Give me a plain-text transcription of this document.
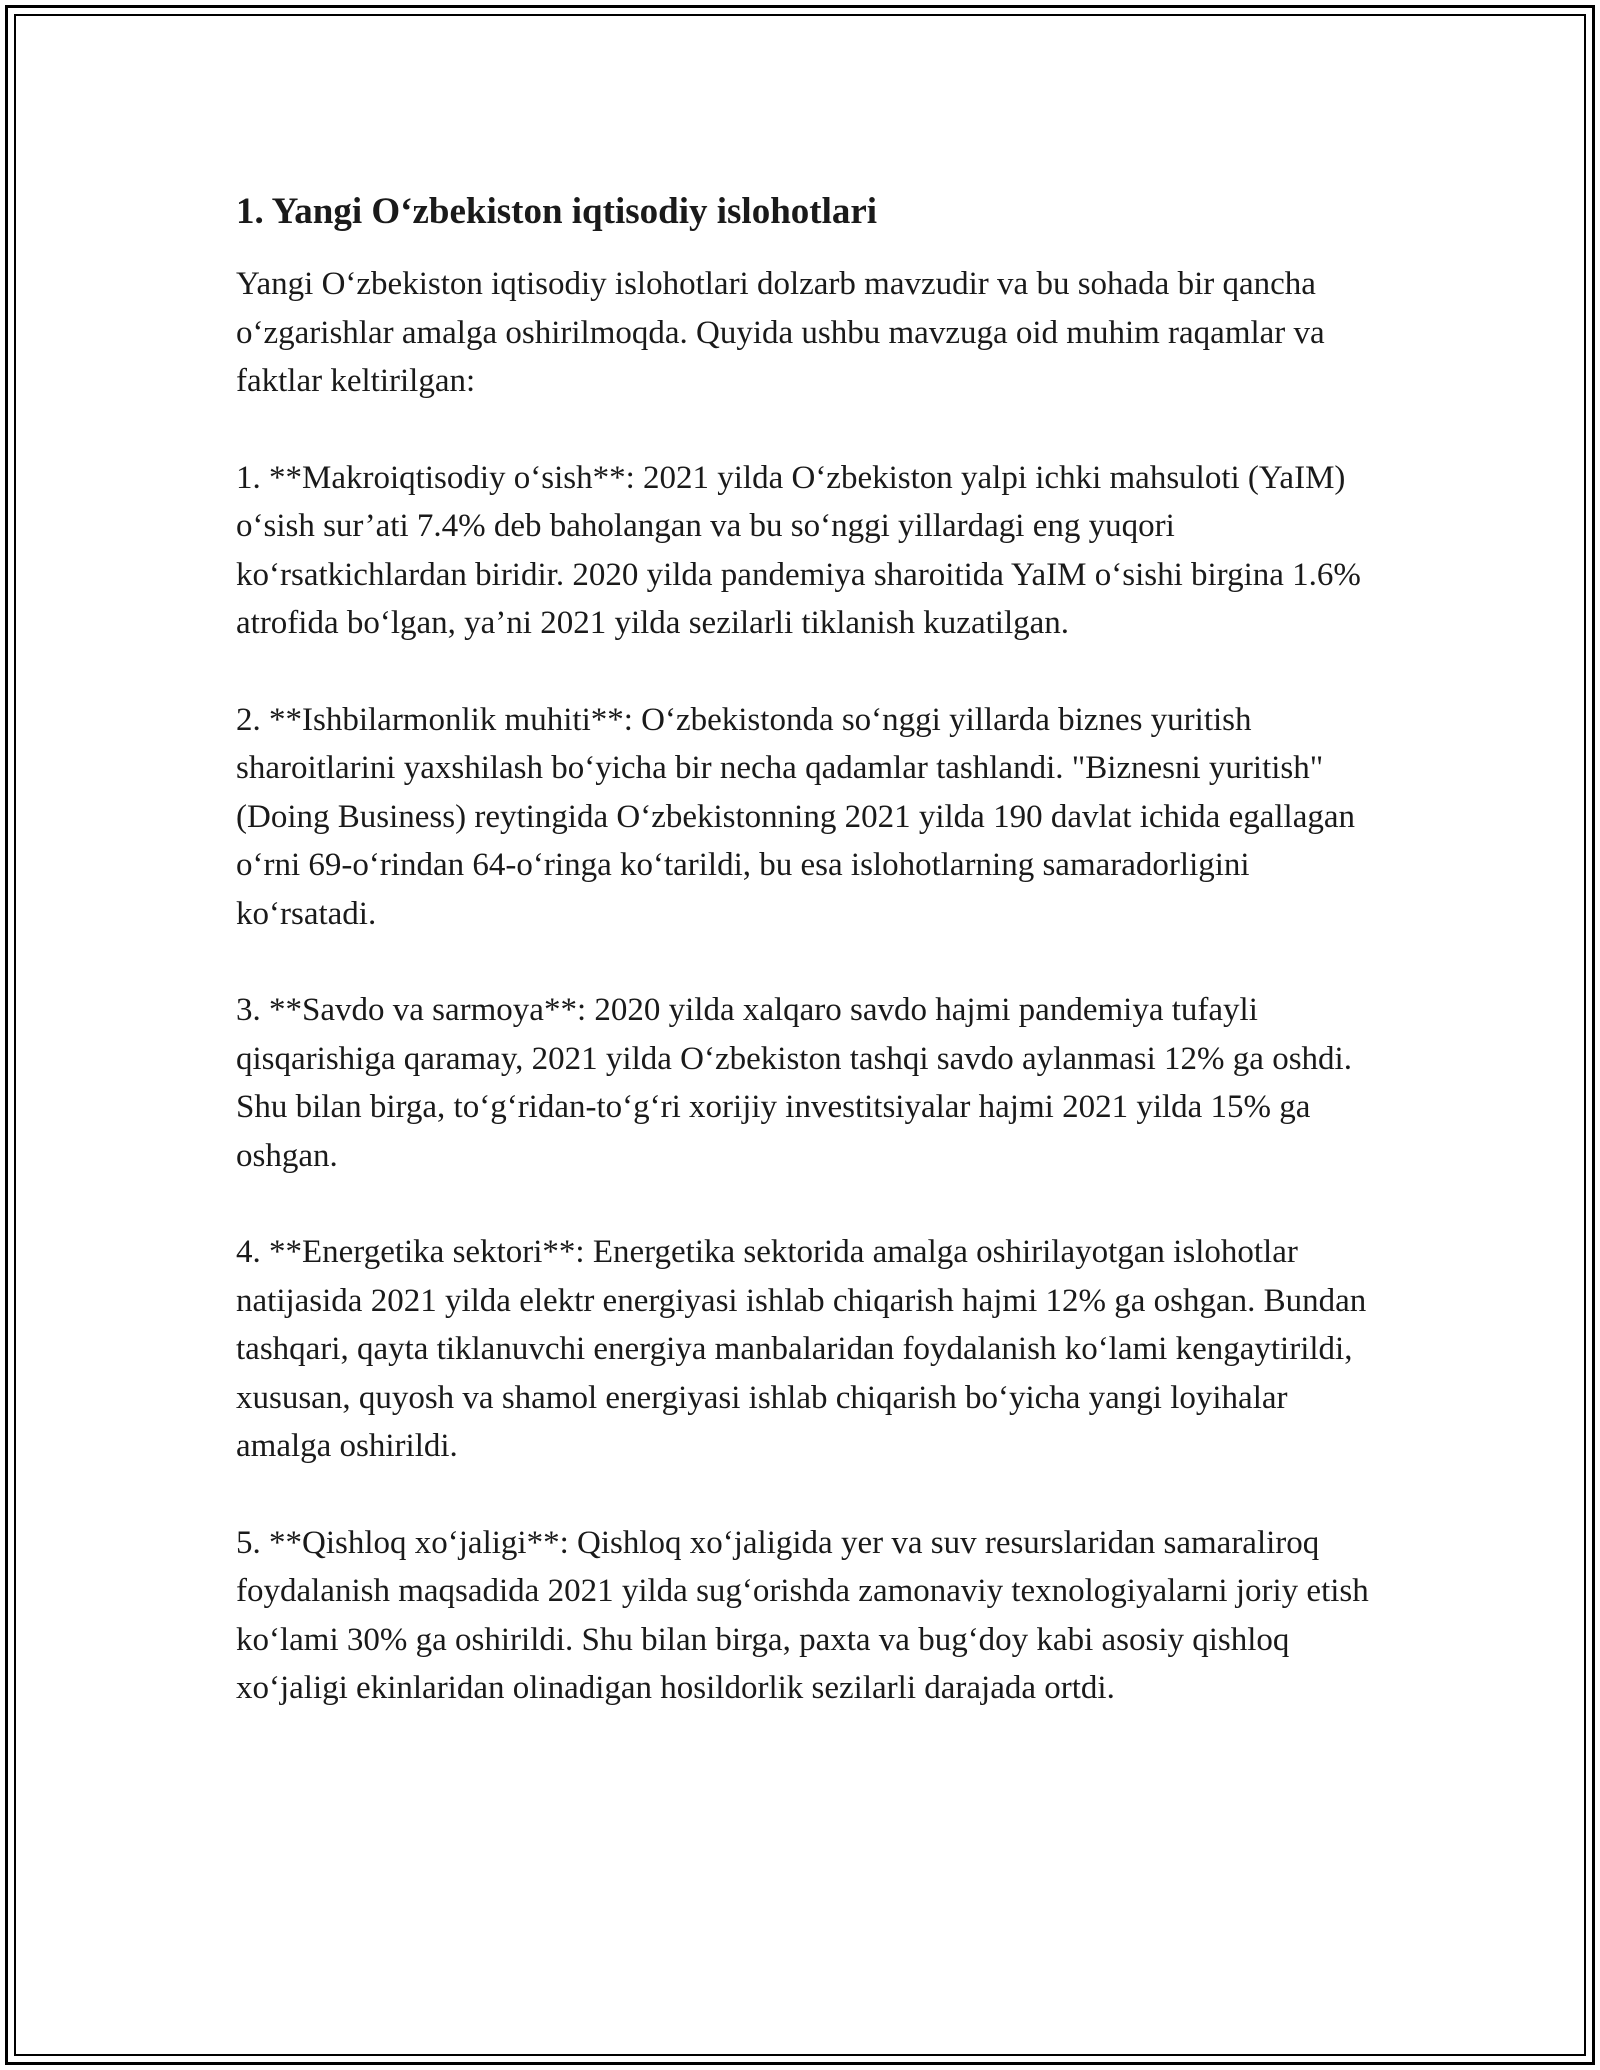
1. Yangi O‘zbekiston iqtisodiy islohotlari

Yangi O‘zbekiston iqtisodiy islohotlari dolzarb mavzudir va bu sohada bir qancha o‘zgarishlar amalga oshirilmoqda. Quyida ushbu mavzuga oid muhim raqamlar va faktlar keltirilgan:

1. **Makroiqtisodiy o‘sish**: 2021 yilda O‘zbekiston yalpi ichki mahsuloti (YaIM) o‘sish sur’ati 7.4% deb baholangan va bu so‘nggi yillardagi eng yuqori ko‘rsatkichlardan biridir. 2020 yilda pandemiya sharoitida YaIM o‘sishi birgina 1.6% atrofida bo‘lgan, ya’ni 2021 yilda sezilarli tiklanish kuzatilgan.

2. **Ishbilarmonlik muhiti**: O‘zbekistonda so‘nggi yillarda biznes yuritish sharoitlarini yaxshilash bo‘yicha bir necha qadamlar tashlandi. "Biznesni yuritish" (Doing Business) reytingida O‘zbekistonning 2021 yilda 190 davlat ichida egallagan o‘rni 69-o‘rindan 64-o‘ringa ko‘tarildi, bu esa islohotlarning samaradorligini ko‘rsatadi.

3. **Savdo va sarmoya**: 2020 yilda xalqaro savdo hajmi pandemiya tufayli qisqarishiga qaramay, 2021 yilda O‘zbekiston tashqi savdo aylanmasi 12% ga oshdi. Shu bilan birga, to‘g‘ridan-to‘g‘ri xorijiy investitsiyalar hajmi 2021 yilda 15% ga oshgan.

4. **Energetika sektori**: Energetika sektorida amalga oshirilayotgan islohotlar natijasida 2021 yilda elektr energiyasi ishlab chiqarish hajmi 12% ga oshgan. Bundan tashqari, qayta tiklanuvchi energiya manbalaridan foydalanish ko‘lami kengaytirildi, xususan, quyosh va shamol energiyasi ishlab chiqarish bo‘yicha yangi loyihalar amalga oshirildi.

5. **Qishloq xo‘jaligi**: Qishloq xo‘jaligida yer va suv resurslaridan samaraliroq foydalanish maqsadida 2021 yilda sug‘orishda zamonaviy texnologiyalarni joriy etish ko‘lami 30% ga oshirildi. Shu bilan birga, paxta va bug‘doy kabi asosiy qishloq xo‘jaligi ekinlaridan olinadigan hosildorlik sezilarli darajada ortdi.
